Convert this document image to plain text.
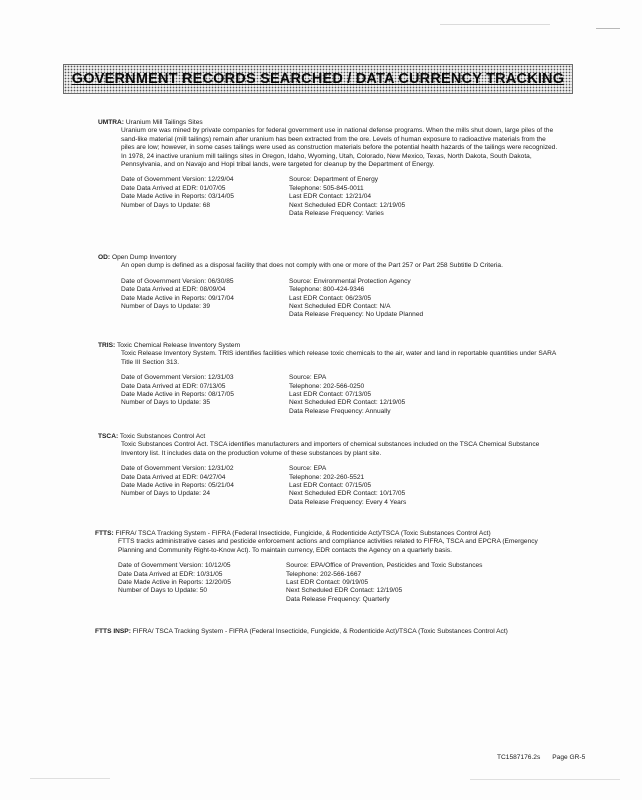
GOVERNMENT RECORDS SEARCHED / DATA CURRENCY TRACKING
UMTRA: Uranium Mill Tailings Sites
Uranium ore was mined by private companies for federal government use in national defense programs. When the mills shut down, large piles of the sand-like material (mill tailings) remain after uranium has been extracted from the ore. Levels of human exposure to radioactive materials from the piles are low; however, in some cases tailings were used as construction materials before the potential health hazards of the tailings were recognized. In 1978, 24 inactive uranium mill tailings sites in Oregon, Idaho, Wyoming, Utah, Colorado, New Mexico, Texas, North Dakota, South Dakota, Pennsylvania, and on Navajo and Hopi tribal lands, were targeted for cleanup by the Department of Energy.
Date of Government Version: 12/29/04
Date Data Arrived at EDR: 01/07/05
Date Made Active in Reports: 03/14/05
Number of Days to Update: 68
Source: Department of Energy
Telephone: 505-845-0011
Last EDR Contact: 12/21/04
Next Scheduled EDR Contact: 12/19/05
Data Release Frequency: Varies
OD: Open Dump Inventory
An open dump is defined as a disposal facility that does not comply with one or more of the Part 257 or Part 258 Subtitle D Criteria.
Date of Government Version: 06/30/85
Date Data Arrived at EDR: 08/09/04
Date Made Active in Reports: 09/17/04
Number of Days to Update: 39
Source: Environmental Protection Agency
Telephone: 800-424-9346
Last EDR Contact: 06/23/05
Next Scheduled EDR Contact: N/A
Data Release Frequency: No Update Planned
TRIS: Toxic Chemical Release Inventory System
Toxic Release Inventory System. TRIS identifies facilities which release toxic chemicals to the air, water and land in reportable quantities under SARA Title III Section 313.
Date of Government Version: 12/31/03
Date Data Arrived at EDR: 07/13/05
Date Made Active in Reports: 08/17/05
Number of Days to Update: 35
Source: EPA
Telephone: 202-566-0250
Last EDR Contact: 07/13/05
Next Scheduled EDR Contact: 12/19/05
Data Release Frequency: Annually
TSCA: Toxic Substances Control Act
Toxic Substances Control Act. TSCA identifies manufacturers and importers of chemical substances included on the TSCA Chemical Substance Inventory list. It includes data on the production volume of these substances by plant site.
Date of Government Version: 12/31/02
Date Data Arrived at EDR: 04/27/04
Date Made Active in Reports: 05/21/04
Number of Days to Update: 24
Source: EPA
Telephone: 202-260-5521
Last EDR Contact: 07/15/05
Next Scheduled EDR Contact: 10/17/05
Data Release Frequency: Every 4 Years
FTTS: FIFRA/ TSCA Tracking System - FIFRA (Federal Insecticide, Fungicide, & Rodenticide Act)/TSCA (Toxic Substances Control Act)
FTTS tracks administrative cases and pesticide enforcement actions and compliance activities related to FIFRA, TSCA and EPCRA (Emergency Planning and Community Right-to-Know Act). To maintain currency, EDR contacts the Agency on a quarterly basis.
Date of Government Version: 10/12/05
Date Data Arrived at EDR: 10/31/05
Date Made Active in Reports: 12/20/05
Number of Days to Update: 50
Source: EPA/Office of Prevention, Pesticides and Toxic Substances
Telephone: 202-566-1667
Last EDR Contact: 09/19/05
Next Scheduled EDR Contact: 12/19/05
Data Release Frequency: Quarterly
FTTS INSP: FIFRA/ TSCA Tracking System - FIFRA (Federal Insecticide, Fungicide, & Rodenticide Act)/TSCA (Toxic Substances Control Act)
TC1587176.2s Page GR-5
